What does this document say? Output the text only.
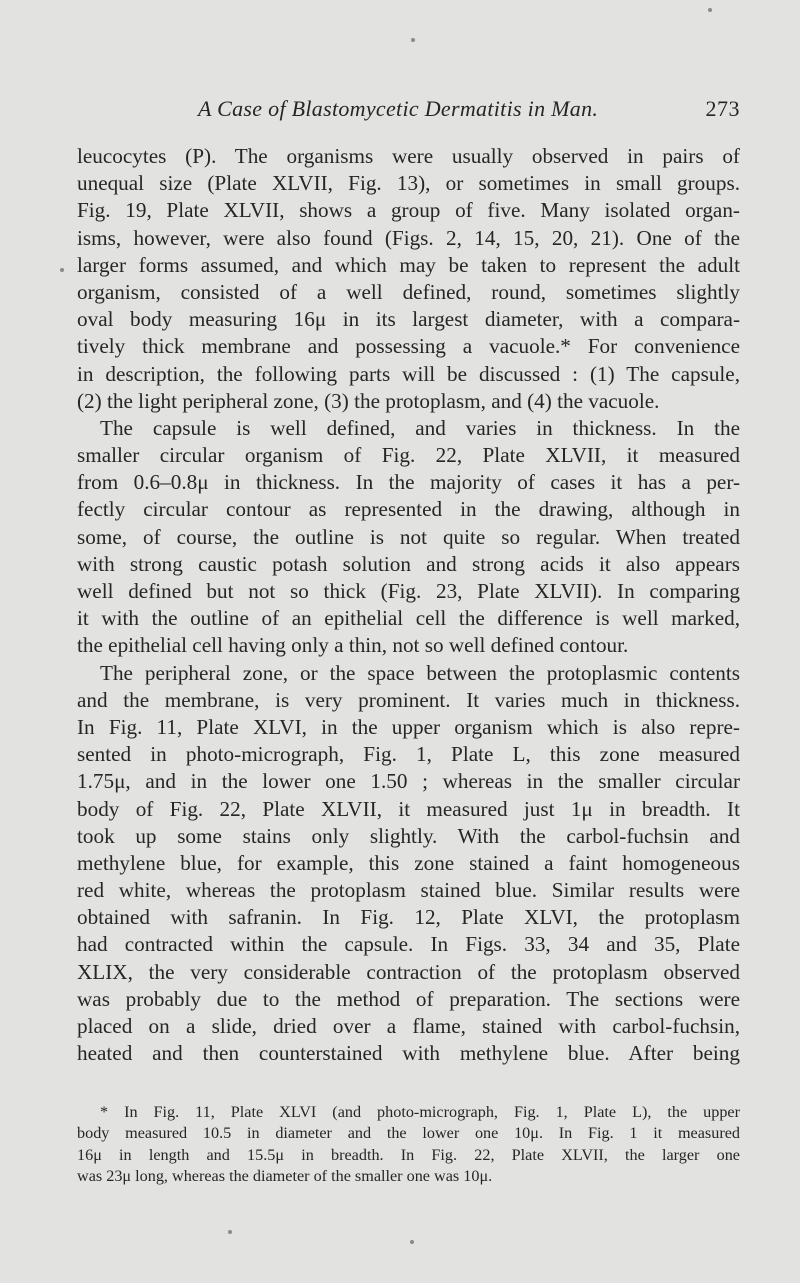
A Case of Blastomycetic Dermatitis in Man.	273
leucocytes (P). The organisms were usually observed in pairs of
unequal size (Plate XLVII, Fig. 13), or sometimes in small groups.
Fig. 19, Plate XLVII, shows a group of five. Many isolated organ-
isms, however, were also found (Figs. 2, 14, 15, 20, 21). One of the
larger forms assumed, and which may be taken to represent the adult
organism, consisted of a well defined, round, sometimes slightly
oval body measuring 16μ in its largest diameter, with a compara-
tively thick membrane and possessing a vacuole.* For convenience
in description, the following parts will be discussed : (1) The capsule,
(2) the light peripheral zone, (3) the protoplasm, and (4) the vacuole.
The capsule is well defined, and varies in thickness. In the
smaller circular organism of Fig. 22, Plate XLVII, it measured
from 0.6–0.8μ in thickness. In the majority of cases it has a per-
fectly circular contour as represented in the drawing, although in
some, of course, the outline is not quite so regular. When treated
with strong caustic potash solution and strong acids it also appears
well defined but not so thick (Fig. 23, Plate XLVII). In comparing
it with the outline of an epithelial cell the difference is well marked,
the epithelial cell having only a thin, not so well defined contour.
The peripheral zone, or the space between the protoplasmic contents
and the membrane, is very prominent. It varies much in thickness.
In Fig. 11, Plate XLVI, in the upper organism which is also repre-
sented in photo-micrograph, Fig. 1, Plate L, this zone measured
1.75μ, and in the lower one 1.50 ; whereas in the smaller circular
body of Fig. 22, Plate XLVII, it measured just 1μ in breadth. It
took up some stains only slightly. With the carbol-fuchsin and
methylene blue, for example, this zone stained a faint homogeneous
red white, whereas the protoplasm stained blue. Similar results were
obtained with safranin. In Fig. 12, Plate XLVI, the protoplasm
had contracted within the capsule. In Figs. 33, 34 and 35, Plate
XLIX, the very considerable contraction of the protoplasm observed
was probably due to the method of preparation. The sections were
placed on a slide, dried over a flame, stained with carbol-fuchsin,
heated and then counterstained with methylene blue. After being
* In Fig. 11, Plate XLVI (and photo-micrograph, Fig. 1, Plate L), the upper
body measured 10.5 in diameter and the lower one 10μ. In Fig. 1 it measured
16μ in length and 15.5μ in breadth. In Fig. 22, Plate XLVII, the larger one
was 23μ long, whereas the diameter of the smaller one was 10μ.
